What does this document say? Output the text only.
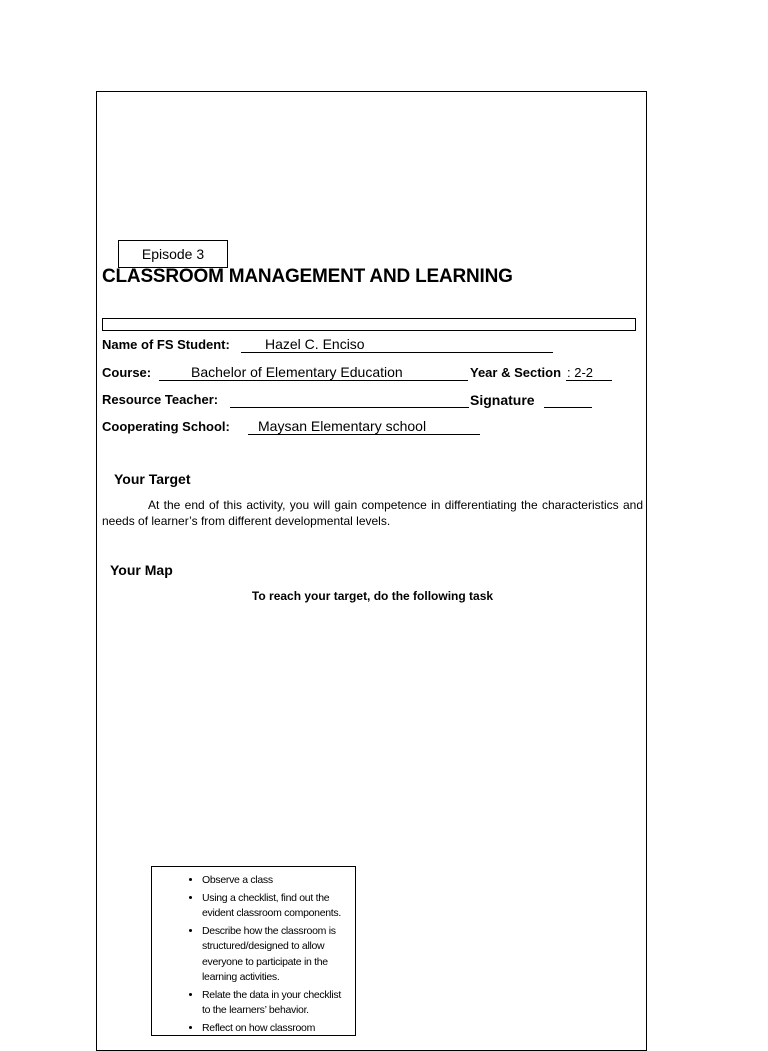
Episode 3
CLASSROOM MANAGEMENT AND LEARNING
Name of FS Student:	Hazel C. Enciso
Course:	Bachelor of Elementary Education	Year & Section : 2-2
Resource Teacher:	Signature
Cooperating School: Maysan Elementary school
Your Target
At the end of this activity, you will gain competence in differentiating the characteristics and needs of learner’s from different developmental levels.
Your Map
To reach your target, do the following task
• Observe a class
• Using a checklist, find out the evident classroom components.
• Describe how the classroom is structured/designed to allow everyone to participate in the learning activities.
• Relate the data in your checklist to the learners’ behavior.
• Reflect on how classroom
